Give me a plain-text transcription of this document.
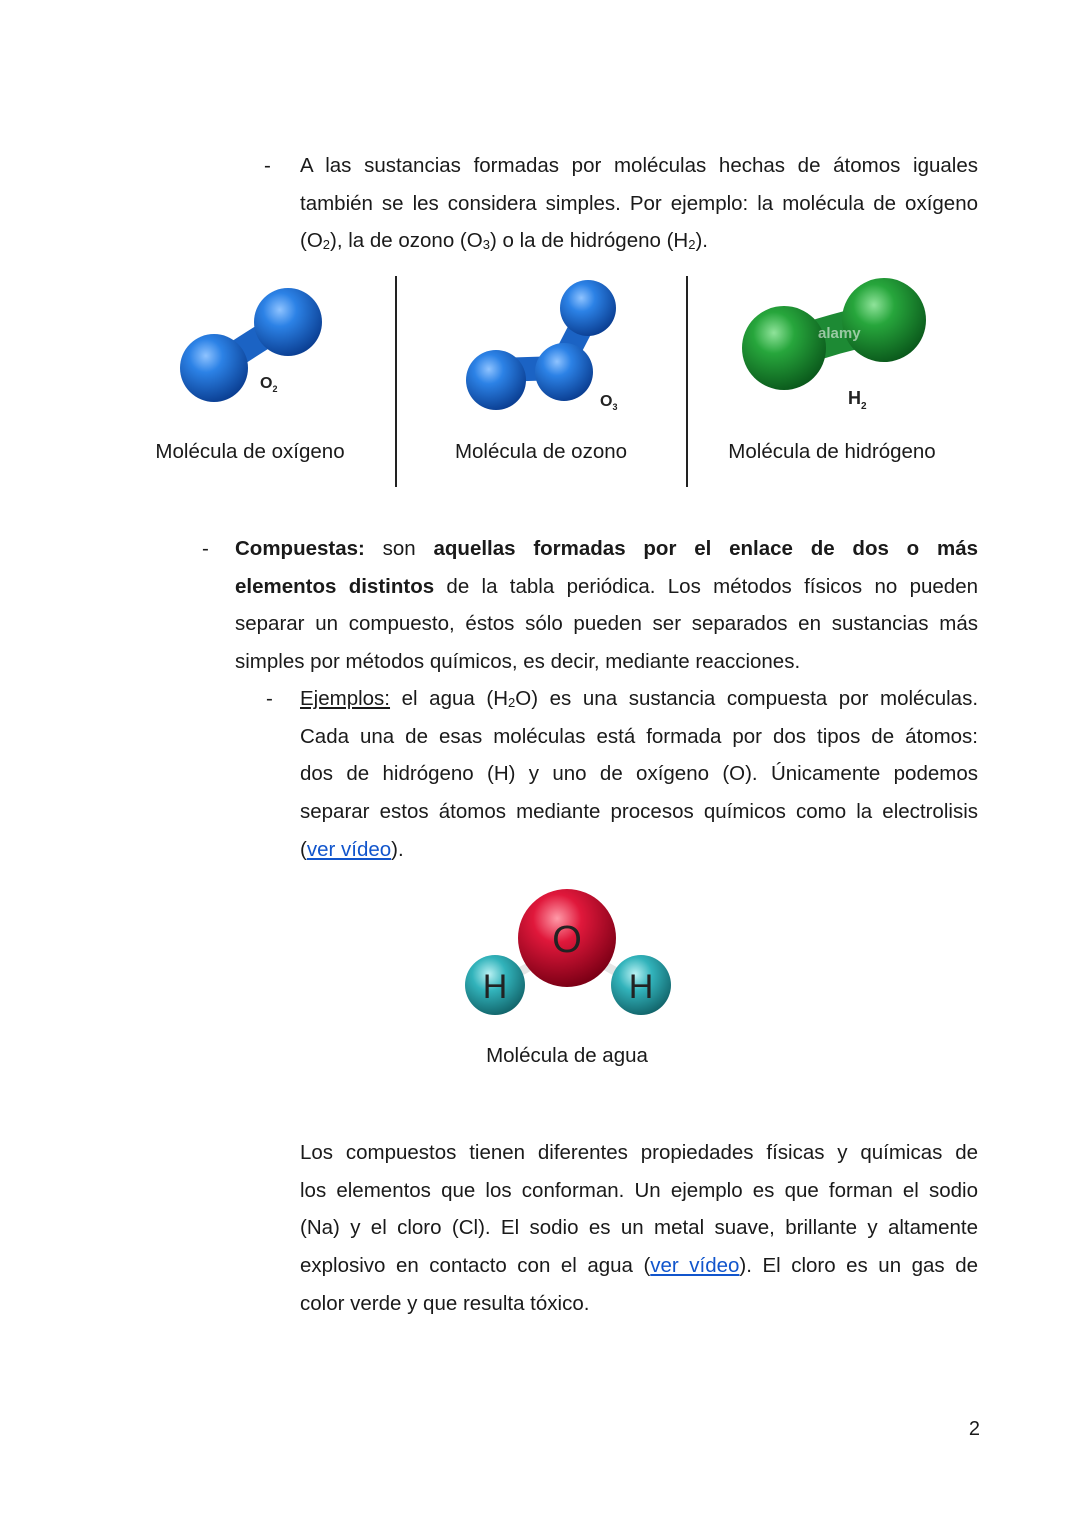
- A las sustancias formadas por moléculas hechas de átomos iguales
también se les considera simples. Por ejemplo: la molécula de oxígeno
$(O_2)$, la de ozono $(O_3)$ o la de hidrógeno $(H_2)$.
$O_2$
$O_3$
alamy
$H_2$
Molécula de oxígeno	Molécula de ozono	Molécula de hidrógeno
- Compuestas: son aquellas formadas por el enlace de dos o más
elementos distintos de la tabla periódica. Los métodos físicos no pueden
separar un compuesto, éstos sólo pueden ser separados en sustancias más
simples por métodos químicos, es decir, mediante reacciones.
- Ejemplos: el agua $(H_2O)$ es una sustancia compuesta por moléculas.
Cada una de esas moléculas está formada por dos tipos de átomos:
dos de hidrógeno (H) y uno de oxígeno (O). Únicamente podemos
separar estos átomos mediante procesos químicos como la electrolisis
(ver vídeo).
O
H	H
Molécula de agua
Los compuestos tienen diferentes propiedades físicas y químicas de
los elementos que los conforman. Un ejemplo es que forman el sodio
(Na) y el cloro (Cl). El sodio es un metal suave, brillante y altamente
explosivo en contacto con el agua (ver vídeo). El cloro es un gas de
color verde y que resulta tóxico.
2
